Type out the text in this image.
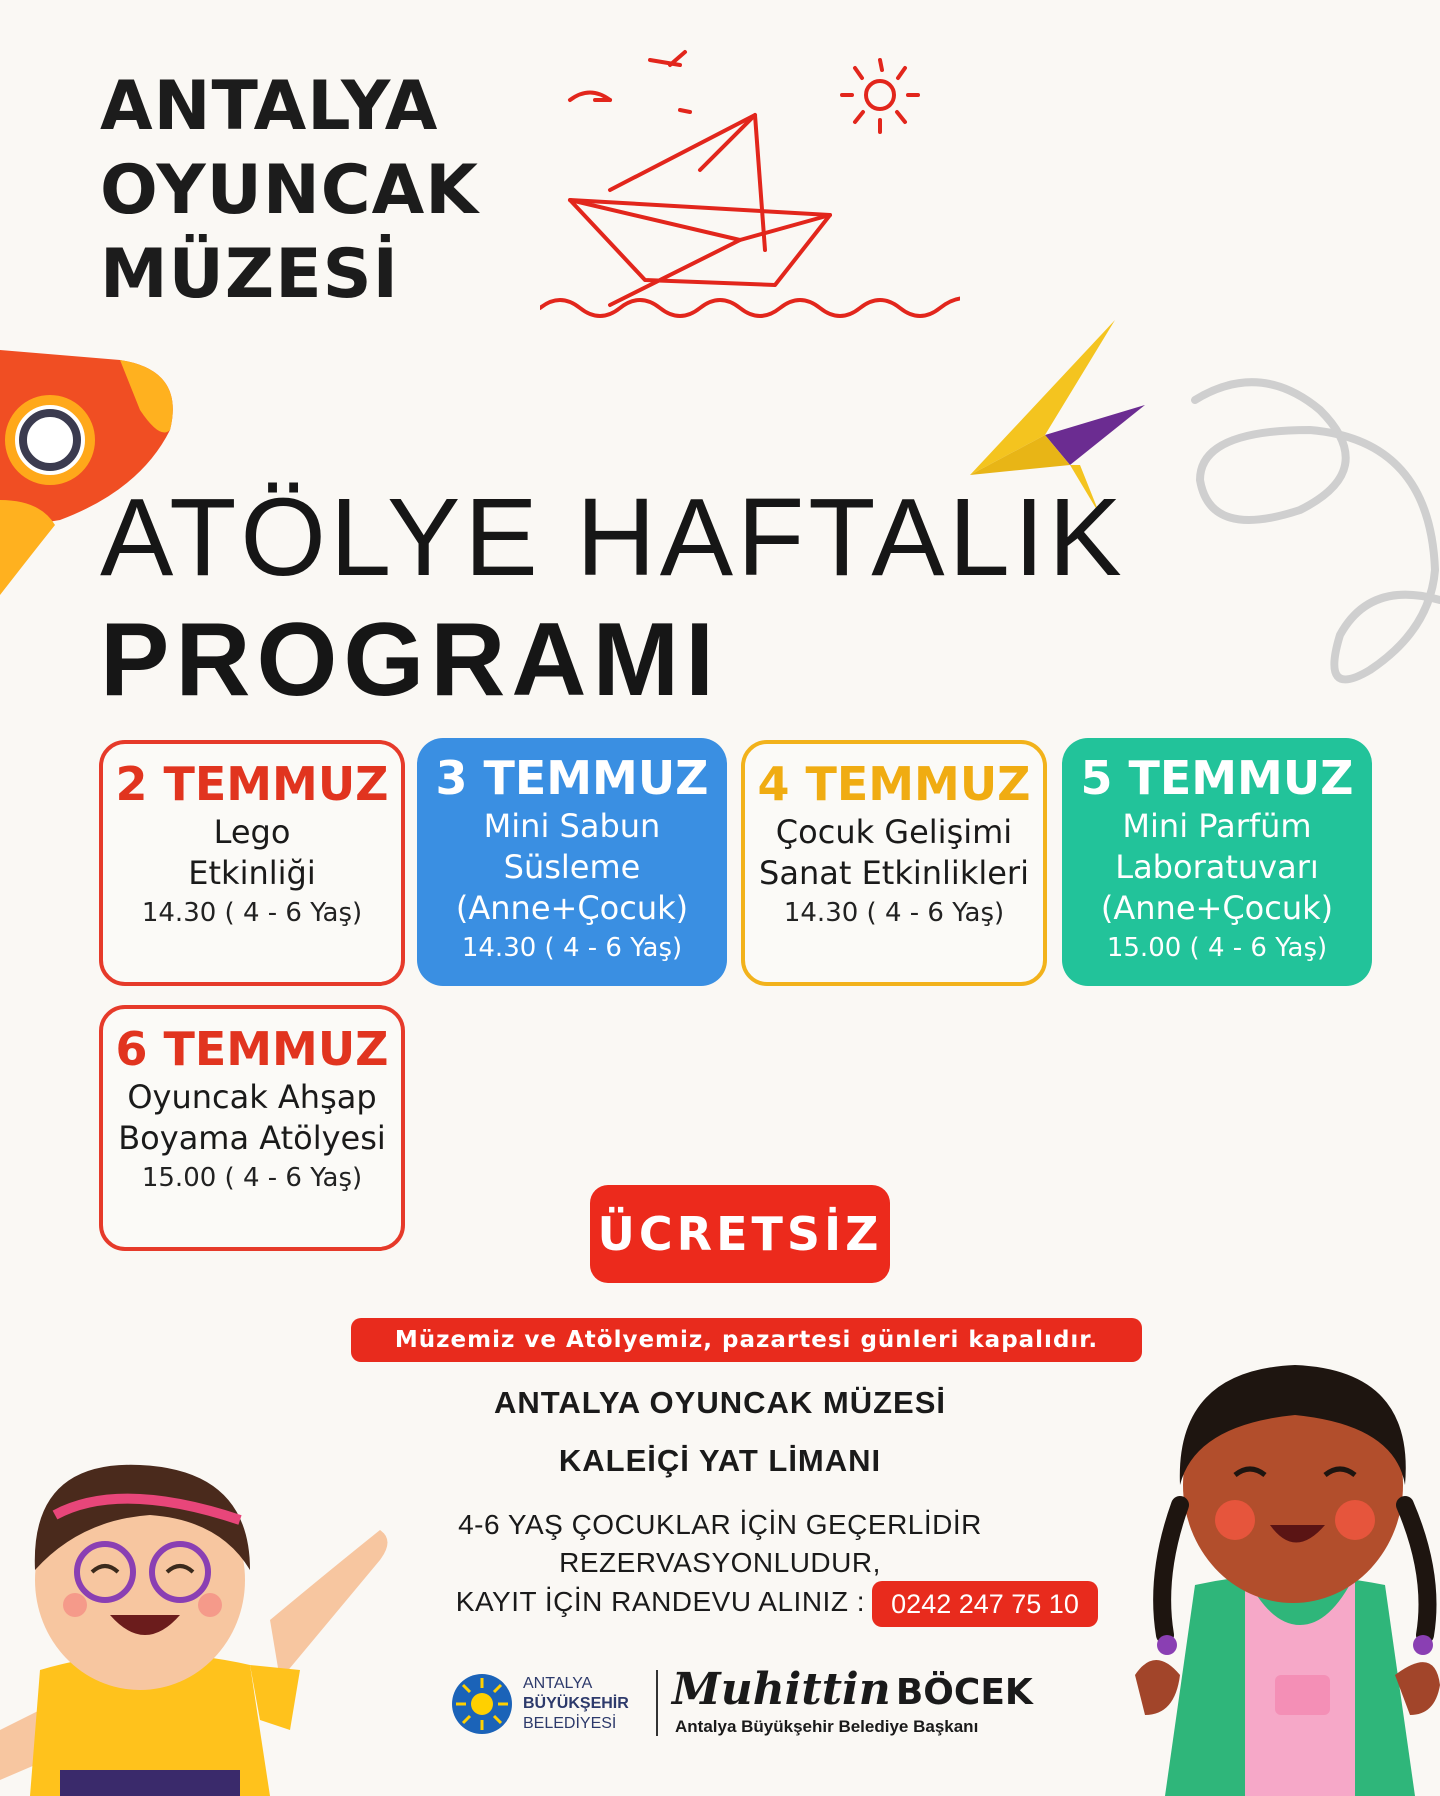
ANTALYA
OYUNCAK
MÜZESİ
ATÖLYE HAFTALIK
PROGRAMI
2 TEMMUZ
Lego
Etkinliği
14.30 ( 4 - 6 Yaş)
3 TEMMUZ
Mini Sabun
Süsleme
(Anne+Çocuk)
14.30 ( 4 - 6 Yaş)
4 TEMMUZ
Çocuk Gelişimi
Sanat Etkinlikleri
14.30 ( 4 - 6 Yaş)
5 TEMMUZ
Mini Parfüm
Laboratuvarı
(Anne+Çocuk)
15.00 ( 4 - 6 Yaş)
6 TEMMUZ
Oyuncak Ahşap
Boyama Atölyesi
15.00 ( 4 - 6 Yaş)
ÜCRETSİZ
Müzemiz ve Atölyemiz, pazartesi günleri kapalıdır.
ANTALYA OYUNCAK MÜZESİ
KALEİÇİ YAT LİMANI
4-6 YAŞ ÇOCUKLAR İÇİN GEÇERLİDİR
REZERVASYONLUDUR,
KAYIT İÇİN RANDEVU ALINIZ : 0242 247 75 10
ANTALYA
BÜYÜKŞEHİR
BELEDİYESİ
Muhittin BÖCEK
Antalya Büyükşehir Belediye Başkanı
